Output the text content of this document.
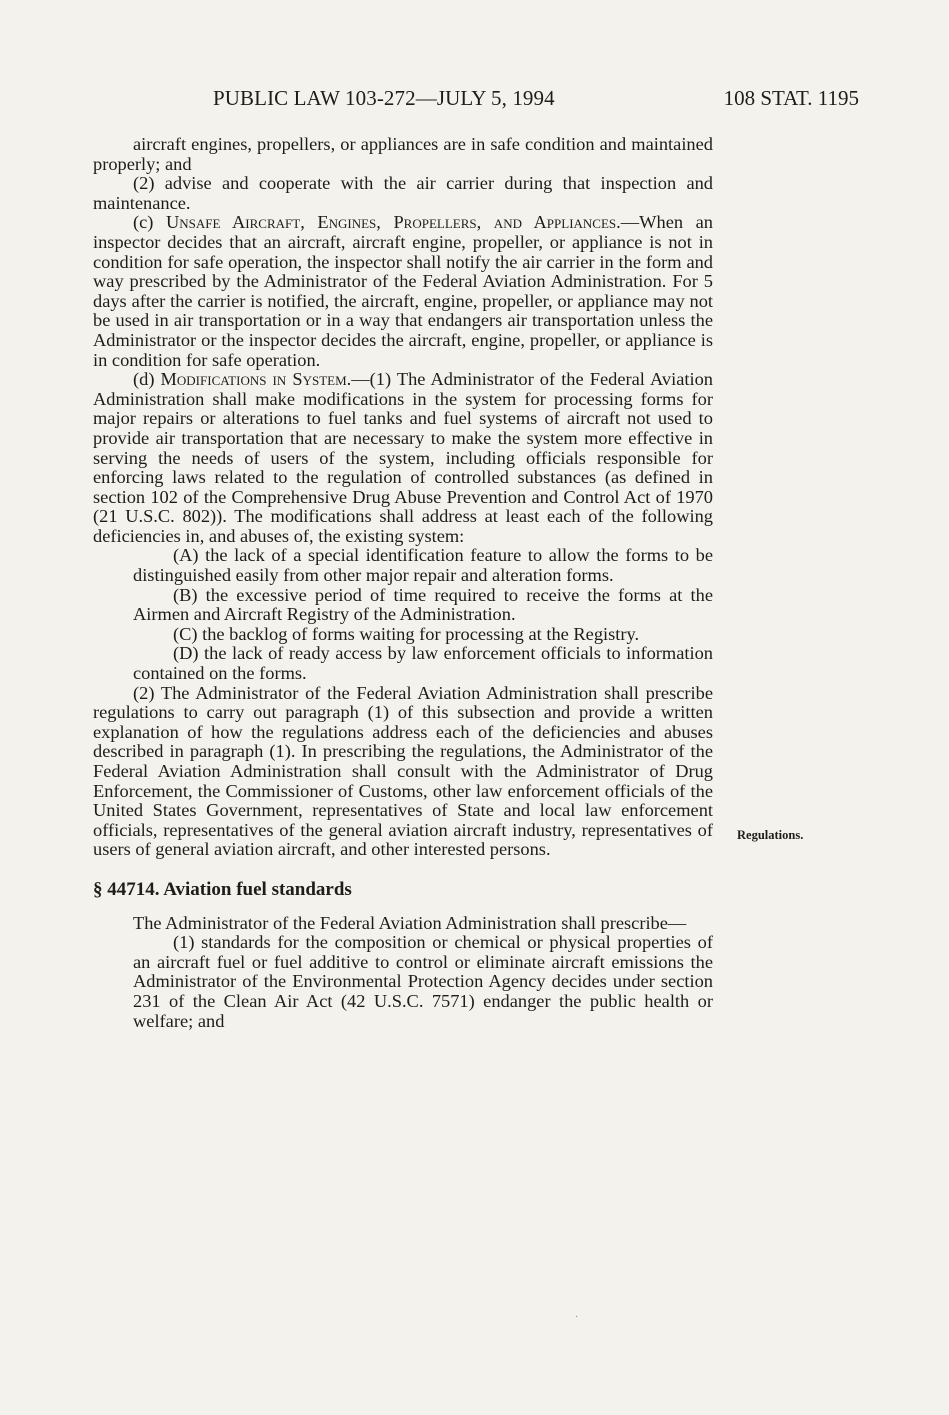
PUBLIC LAW 103-272—JULY 5, 1994	108 STAT. 1195
Regulations.

aircraft engines, propellers, or appliances are in safe condition and maintained properly; and

(2) advise and cooperate with the air carrier during that inspection and maintenance.

(c) Unsafe Aircraft, Engines, Propellers, and Appliances.—When an inspector decides that an aircraft, aircraft engine, propeller, or appliance is not in condition for safe operation, the inspector shall notify the air carrier in the form and way prescribed by the Administrator of the Federal Aviation Administration. For 5 days after the carrier is notified, the aircraft, engine, propeller, or appliance may not be used in air transportation or in a way that endangers air transportation unless the Administrator or the inspector decides the aircraft, engine, propeller, or appliance is in condition for safe operation.

(d) Modifications in System.—(1) The Administrator of the Federal Aviation Administration shall make modifications in the system for processing forms for major repairs or alterations to fuel tanks and fuel systems of aircraft not used to provide air transportation that are necessary to make the system more effective in serving the needs of users of the system, including officials responsible for enforcing laws related to the regulation of controlled substances (as defined in section 102 of the Comprehensive Drug Abuse Prevention and Control Act of 1970 (21 U.S.C. 802)). The modifications shall address at least each of the following deficiencies in, and abuses of, the existing system:

(A) the lack of a special identification feature to allow the forms to be distinguished easily from other major repair and alteration forms.

(B) the excessive period of time required to receive the forms at the Airmen and Aircraft Registry of the Administration.

(C) the backlog of forms waiting for processing at the Registry.

(D) the lack of ready access by law enforcement officials to information contained on the forms.

(2) The Administrator of the Federal Aviation Administration shall prescribe regulations to carry out paragraph (1) of this subsection and provide a written explanation of how the regulations address each of the deficiencies and abuses described in paragraph (1). In prescribing the regulations, the Administrator of the Federal Aviation Administration shall consult with the Administrator of Drug Enforcement, the Commissioner of Customs, other law enforcement officials of the United States Government, representatives of State and local law enforcement officials, representatives of the general aviation aircraft industry, representatives of users of general aviation aircraft, and other interested persons.

§ 44714. Aviation fuel standards

The Administrator of the Federal Aviation Administration shall prescribe—

(1) standards for the composition or chemical or physical properties of an aircraft fuel or fuel additive to control or eliminate aircraft emissions the Administrator of the Environmental Protection Agency decides under section 231 of the Clean Air Act (42 U.S.C. 7571) endanger the public health or welfare; and

·
